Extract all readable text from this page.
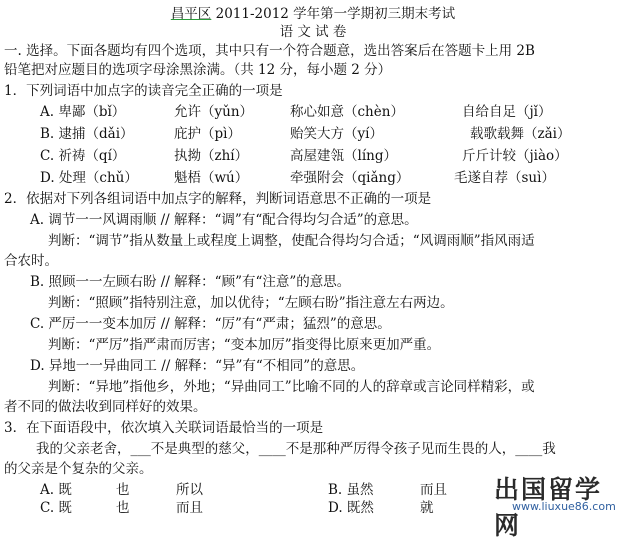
昌平区 2011-2012 学年第一学期初三期末考试
语 文 试 卷
一. 选择。下面各题均有四个选项，其中只有一个符合题意，选出答案后在答题卡上用 2B
铅笔把对应题目的选项字母涂黑涂满。（共 12 分，每小题 2 分）
1．下列词语中加点字的读音完全正确的一项是
A. 卑鄙（bǐ）	允许（yǔn）	称心如意（chèn）	自给自足（jǐ）
B. 逮捕（dǎi）	庇护（pì）	贻笑大方（yí）	载歌载舞（zǎi）
C. 祈祷（qí）	执拗（zhí）	高屋建瓴（líng）	斤斤计较（jiào）
D. 处理（chǔ）	魁梧（wú）	牵强附会（qiǎng）	毛遂自荐（suì）
2．依据对下列各组词语中加点字的解释，判断词语意思不正确的一项是
A. 调节一一风调雨顺 // 解释：“调”有“配合得均匀合适”的意思。
判断：“调节”指从数量上或程度上调整，使配合得均匀合适；“风调雨顺”指风雨适
合农时。
B. 照顾一一左顾右盼 // 解释：“顾”有“注意”的意思。
判断：“照顾”指特别注意，加以优待；“左顾右盼”指注意左右两边。
C. 严厉一一变本加厉 // 解释：“厉”有“严肃；猛烈”的意思。
判断：“严厉”指严肃而厉害；“变本加厉”指变得比原来更加严重。
D. 异地一一异曲同工 // 解释：“异”有“不相同”的意思。
判断：“异地”指他乡，外地；“异曲同工”比喻不同的人的辞章或言论同样精彩，或
者不同的做法收到同样好的效果。
3．在下面语段中，依次填入关联词语最恰当的一项是
我的父亲老舍，___不是典型的慈父，____不是那种严厉得令孩子见而生畏的人，____我
的父亲是个复杂的父亲。
A. 既	也	所以	B. 虽然	而且
C. 既	也	而且	D. 既然	就
出国留学网
www.liuxue86.com
